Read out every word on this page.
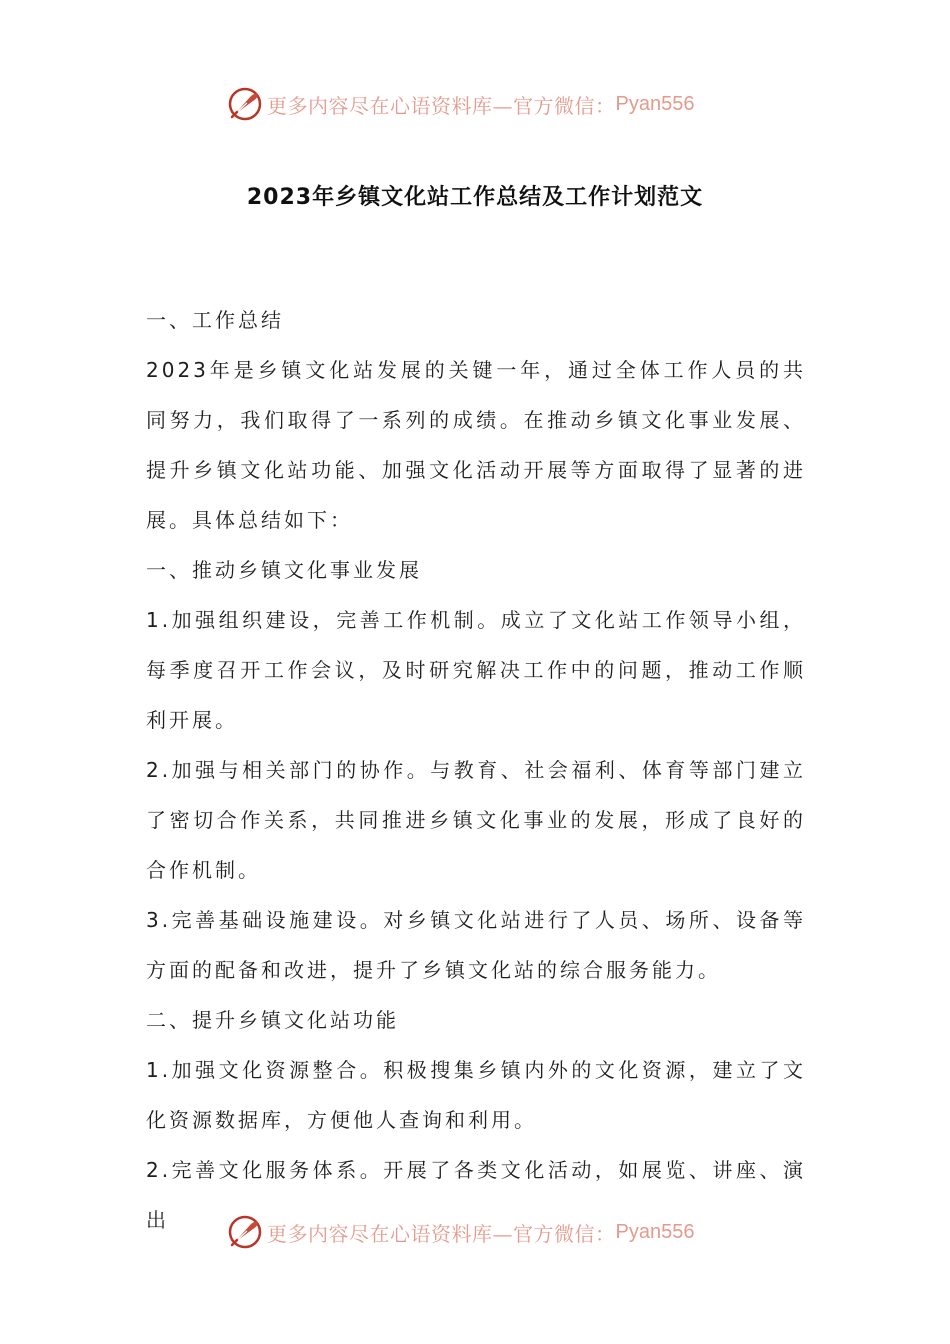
更多内容尽在心语资料库—官方微信： Pyan556
2023年乡镇文化站工作总结及工作计划范文

一、工作总结

2023年是乡镇文化站发展的关键一年，通过全体工作人员的共同努力，我们取得了一系列的成绩。在推动乡镇文化事业发展、提升乡镇文化站功能、加强文化活动开展等方面取得了显著的进展。具体总结如下：

一、推动乡镇文化事业发展

1.加强组织建设，完善工作机制。成立了文化站工作领导小组，每季度召开工作会议，及时研究解决工作中的问题，推动工作顺利开展。

2.加强与相关部门的协作。与教育、社会福利、体育等部门建立了密切合作关系，共同推进乡镇文化事业的发展，形成了良好的合作机制。

3.完善基础设施建设。对乡镇文化站进行了人员、场所、设备等方面的配备和改进，提升了乡镇文化站的综合服务能力。

二、提升乡镇文化站功能

1.加强文化资源整合。积极搜集乡镇内外的文化资源，建立了文化资源数据库，方便他人查询和利用。

2.完善文化服务体系。开展了各类文化活动，如展览、讲座、演出

更多内容尽在心语资料库—官方微信： Pyan556
